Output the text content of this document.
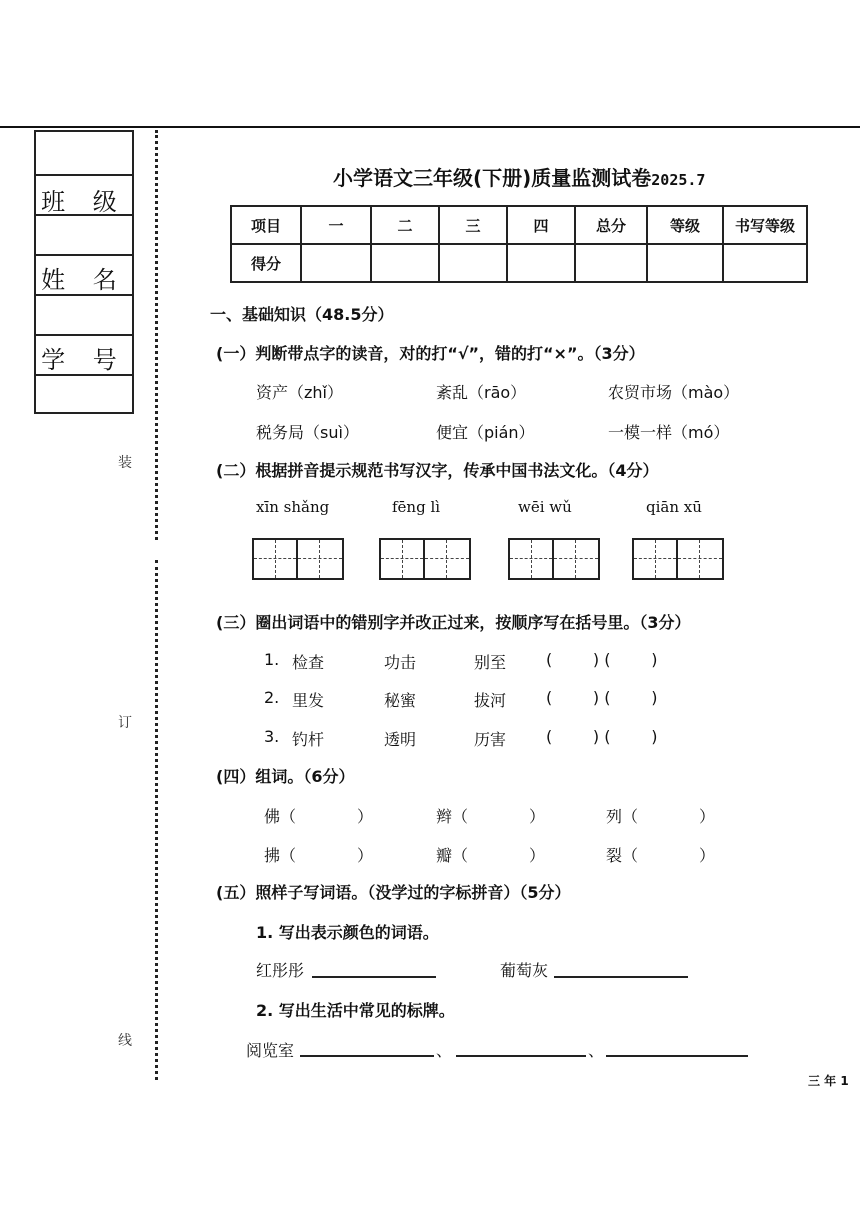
班 级
姓 名
学 号
装
订
线
小学语文三年级(下册)质量监测试卷2025.7
项目	一	二	三	四	总分	等级	书写等级
得分							
一、基础知识（48.5分）
(一）判断带点字的读音，对的打“√”，错的打“×”。（3分）
资产（zhǐ）	紊乱（rāo）	农贸市场（mào）
税务局（suì）	便宜（pián）	一模一样（mó）
(二）根据拼音提示规范书写汉字，传承中国书法文化。（4分）
xīn shǎng	fēng lì	wēi wǔ	qiān xū
(三）圈出词语中的错别字并改正过来，按顺序写在括号里。（3分）
1. 检查	功击	别至 (        ) (        )
2. 里发	秘蜜	拔河 (        ) (        )
3. 钓杆	透明	历害 (        ) (        )
(四）组词。（6分）
佛（            ）	辫（            ）	列（            ）
拂（            ）	瓣（            ）	裂（            ）
(五）照样子写词语。（没学过的字标拼音）（5分）
1. 写出表示颜色的词语。
红彤彤	葡萄灰
2. 写出生活中常见的标牌。
阅览室	、	、
三 年 1
